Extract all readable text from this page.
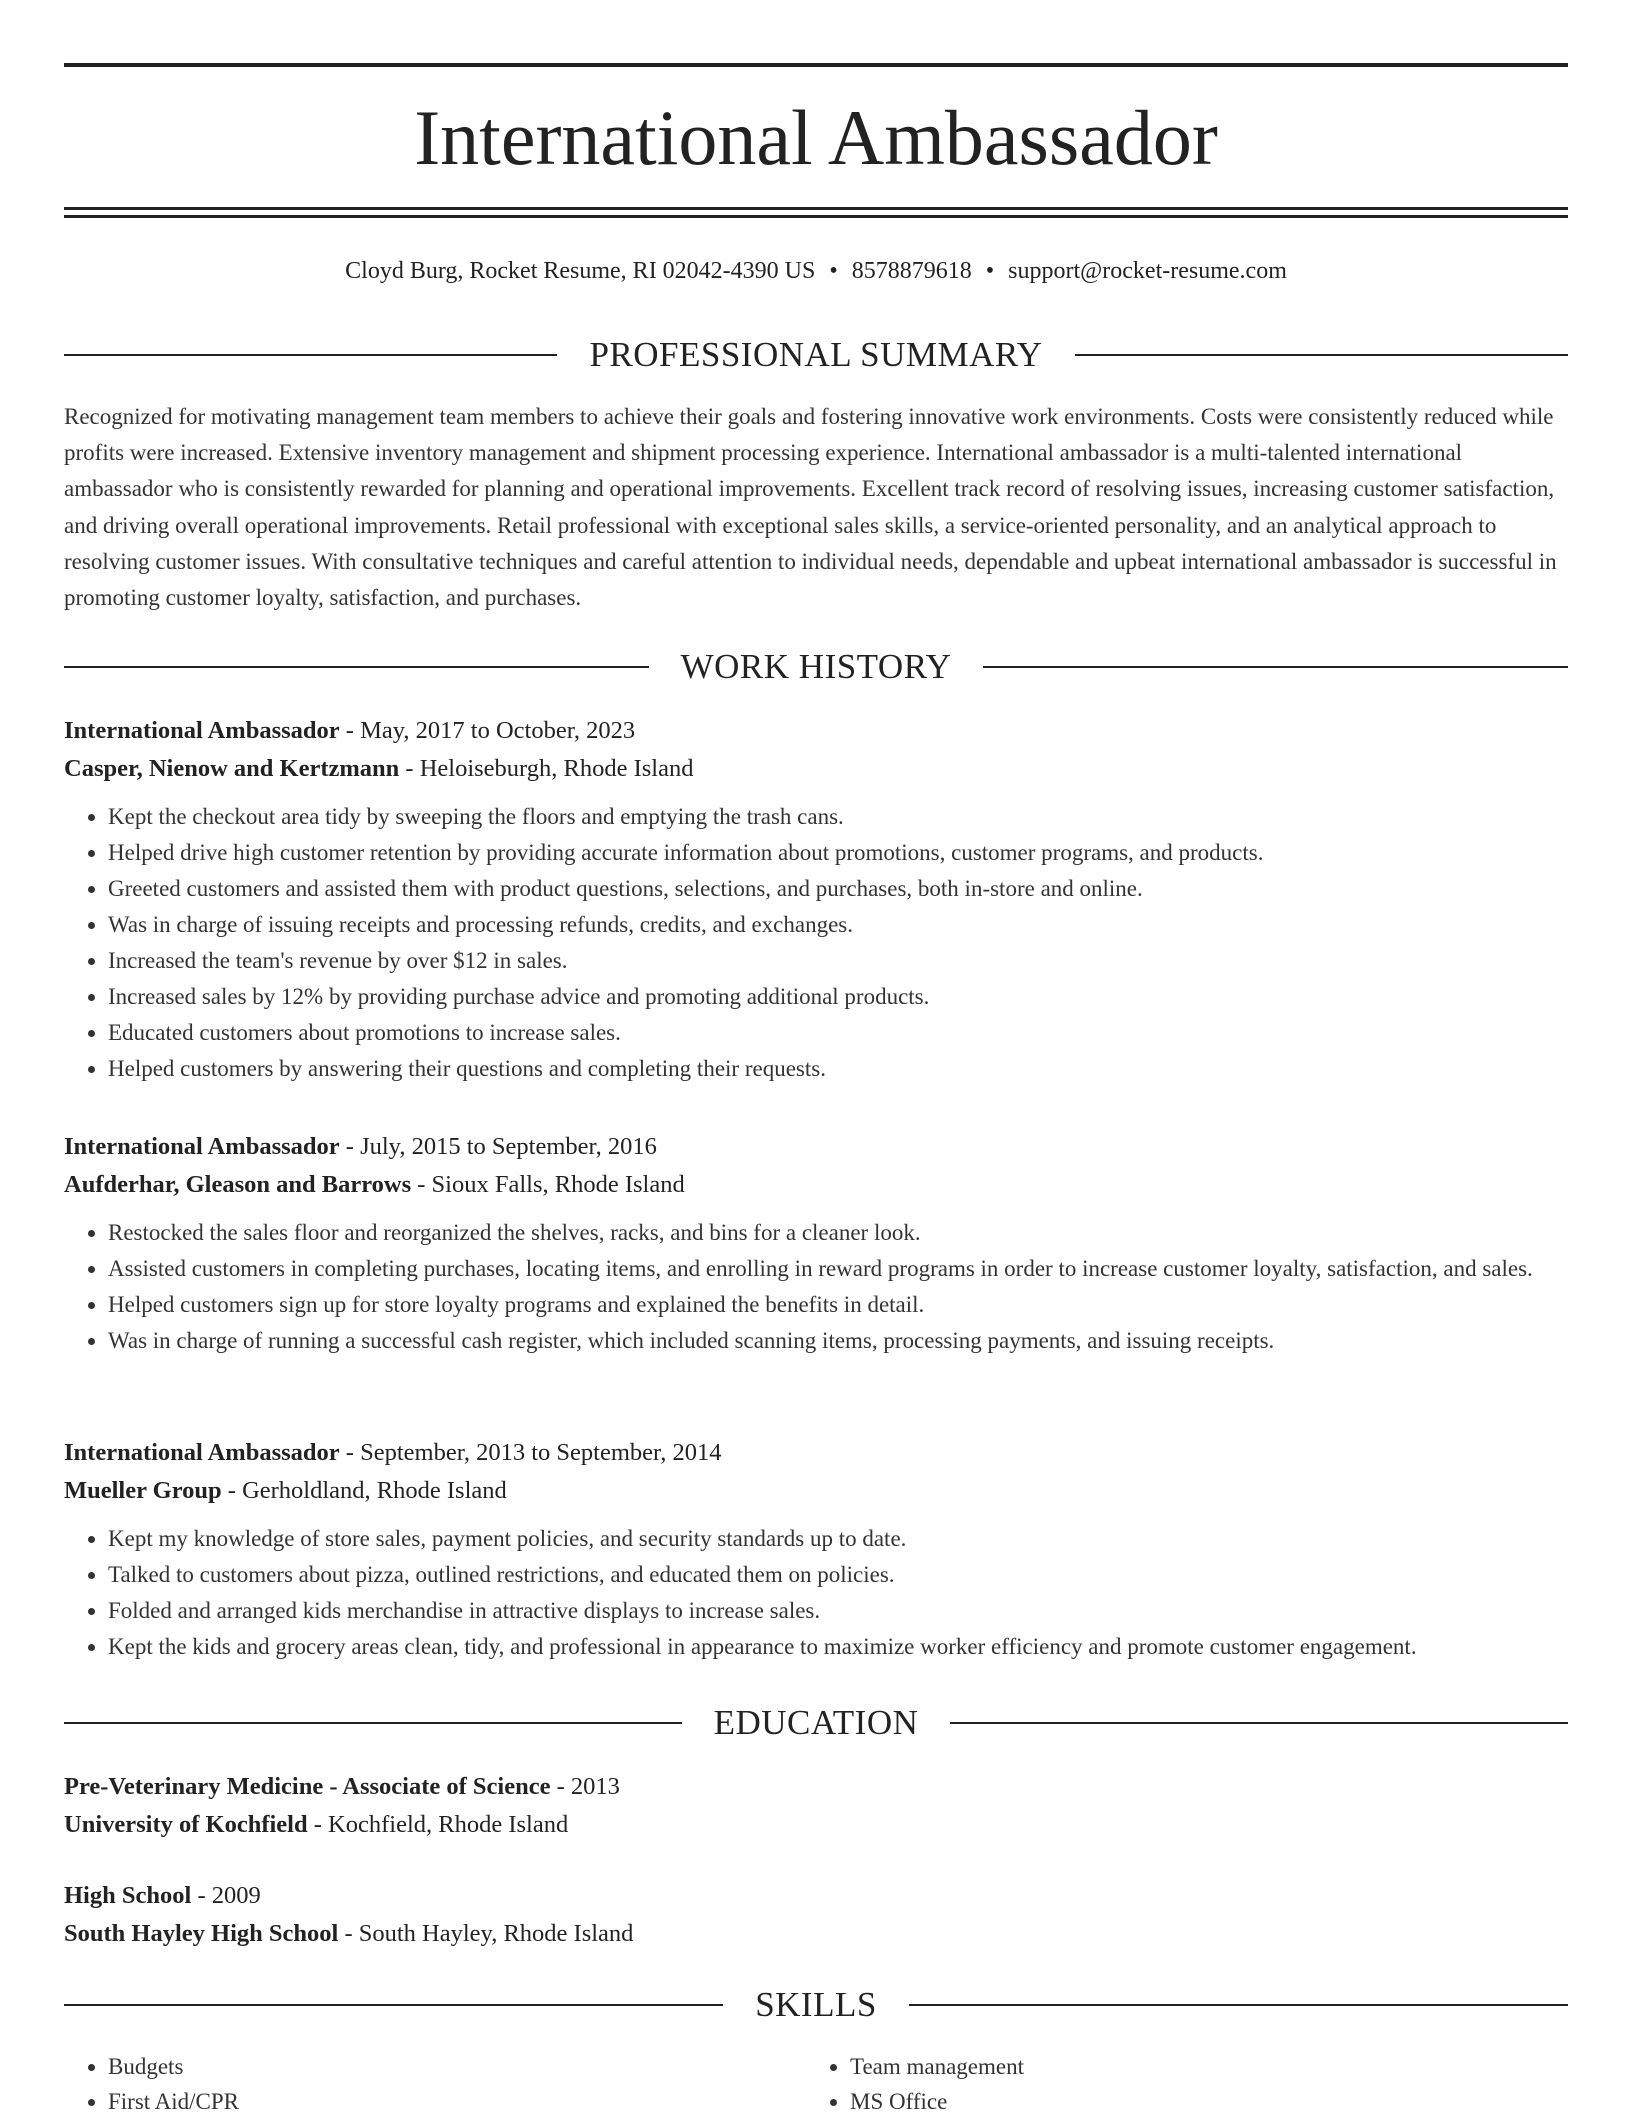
International Ambassador
Cloyd Burg, Rocket Resume, RI 02042-4390 US • 8578879618 • support@rocket-resume.com
PROFESSIONAL SUMMARY
Recognized for motivating management team members to achieve their goals and fostering innovative work environments. Costs were consistently reduced while profits were increased. Extensive inventory management and shipment processing experience. International ambassador is a multi-talented international ambassador who is consistently rewarded for planning and operational improvements. Excellent track record of resolving issues, increasing customer satisfaction, and driving overall operational improvements. Retail professional with exceptional sales skills, a service-oriented personality, and an analytical approach to resolving customer issues. With consultative techniques and careful attention to individual needs, dependable and upbeat international ambassador is successful in promoting customer loyalty, satisfaction, and purchases.
WORK HISTORY
International Ambassador - May, 2017 to October, 2023
Casper, Nienow and Kertzmann - Heloiseburgh, Rhode Island
• Kept the checkout area tidy by sweeping the floors and emptying the trash cans.
• Helped drive high customer retention by providing accurate information about promotions, customer programs, and products.
• Greeted customers and assisted them with product questions, selections, and purchases, both in-store and online.
• Was in charge of issuing receipts and processing refunds, credits, and exchanges.
• Increased the team's revenue by over $12 in sales.
• Increased sales by 12% by providing purchase advice and promoting additional products.
• Educated customers about promotions to increase sales.
• Helped customers by answering their questions and completing their requests.
International Ambassador - July, 2015 to September, 2016
Aufderhar, Gleason and Barrows - Sioux Falls, Rhode Island
• Restocked the sales floor and reorganized the shelves, racks, and bins for a cleaner look.
• Assisted customers in completing purchases, locating items, and enrolling in reward programs in order to increase customer loyalty, satisfaction, and sales.
• Helped customers sign up for store loyalty programs and explained the benefits in detail.
• Was in charge of running a successful cash register, which included scanning items, processing payments, and issuing receipts.
International Ambassador - September, 2013 to September, 2014
Mueller Group - Gerholdland, Rhode Island
• Kept my knowledge of store sales, payment policies, and security standards up to date.
• Talked to customers about pizza, outlined restrictions, and educated them on policies.
• Folded and arranged kids merchandise in attractive displays to increase sales.
• Kept the kids and grocery areas clean, tidy, and professional in appearance to maximize worker efficiency and promote customer engagement.
EDUCATION
Pre-Veterinary Medicine - Associate of Science - 2013
University of Kochfield - Kochfield, Rhode Island
High School - 2009
South Hayley High School - South Hayley, Rhode Island
SKILLS
• Budgets
• First Aid/CPR
• Team management
• MS Office
